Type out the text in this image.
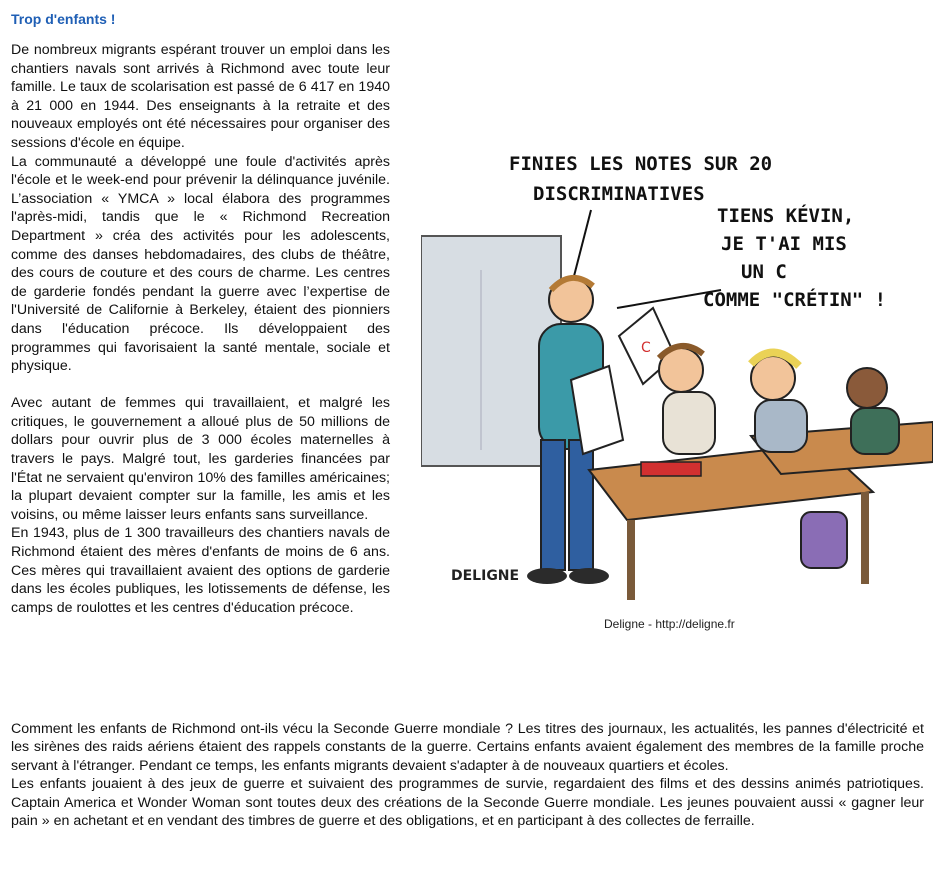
Trop d'enfants !

De nombreux migrants espérant trouver un emploi dans les chantiers navals sont arrivés à Richmond avec toute leur famille. Le taux de scolarisation est passé de 6 417 en 1940 à 21 000 en 1944. Des enseignants à la retraite et des nouveaux employés ont été nécessaires pour organiser des sessions d'école en équipe.

La communauté a développé une foule d'activités après l'école et le week-end pour prévenir la délinquance juvénile. L’association « YMCA » local élabora des programmes l'après-midi, tandis que le « Richmond Recreation Department » créa des activités pour les adolescents, comme des danses hebdomadaires, des clubs de théâtre, des cours de couture et des cours de charme. Les centres de garderie fondés pendant la guerre avec l’expertise de l'Université de Californie à Berkeley, étaient des pionniers dans l'éducation précoce. Ils développaient des programmes qui favorisaient la santé mentale, sociale et physique.

Avec autant de femmes qui travaillaient, et malgré les critiques, le gouvernement a alloué plus de 50 millions de dollars pour ouvrir plus de 3 000 écoles maternelles à travers le pays. Malgré tout, les garderies financées par l'État ne servaient qu'environ 10% des familles américaines; la plupart devaient compter sur la famille, les amis et les voisins, ou même laisser leurs enfants sans surveillance.

En 1943, plus de 1 300 travailleurs des chantiers navals de Richmond étaient des mères d'enfants de moins de 6 ans. Ces mères qui travaillaient avaient des options de garderie dans les écoles publiques, les lotissements de défense, les camps de roulottes et les centres d'éducation précoce.

FINIES LES NOTES SUR 20
DISCRIMINATIVES
TIENS KÉVIN,
JE T'AI MIS
UN C
COMME "CRÉTIN" !
C
DELIGNE
Deligne - http://deligne.fr

Comment les enfants de Richmond ont-ils vécu la Seconde Guerre mondiale ? Les titres des journaux, les actualités, les pannes d'électricité et les sirènes des raids aériens étaient des rappels constants de la guerre. Certains enfants avaient également des membres de la famille proche servant à l'étranger. Pendant ce temps, les enfants migrants devaient s'adapter à de nouveaux quartiers et écoles.

Les enfants jouaient à des jeux de guerre et suivaient des programmes de survie, regardaient des films et des dessins animés patriotiques. Captain America et Wonder Woman sont toutes deux des créations de la Seconde Guerre mondiale. Les jeunes pouvaient aussi « gagner leur pain » en achetant et en vendant des timbres de guerre et des obligations, et en participant à des collectes de ferraille.
